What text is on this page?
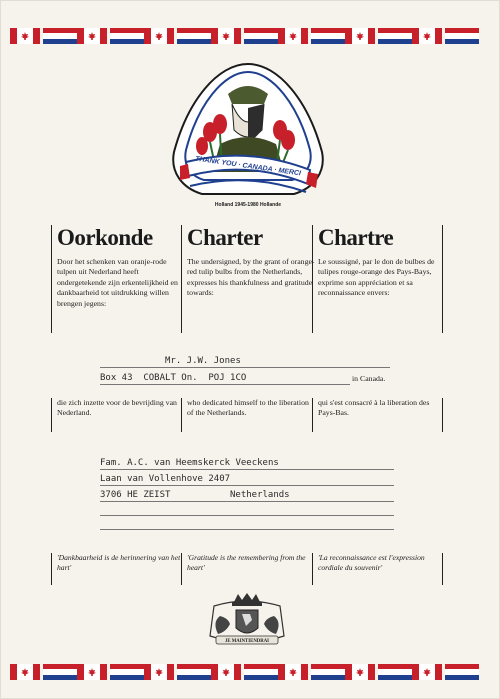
THANK YOU · CANADA · MERCI
Holland 1945-1980 Hollande
Oorkonde

Door het schenken van oranje-rode tulpen uit Nederland heeft ondergetekende zijn erkentelijkheid en dankbaarheid tot uitdrukking willen brengen jegens:

Charter

The undersigned, by the grant of orange-red tulip bulbs from the Netherlands, expresses his thankfulness and gratitude towards:

Chartre

Le soussigné, par le don de bulbes de tulipes rouge-orange des Pays-Bays, exprime son appréciation et sa reconnaissance envers:

Mr. J.W. Jones
Box 43  COBALT On.  POJ 1CO	in Canada.
die zich inzette voor de bevrijding van Nederland.
who dedicated himself to the liberation of the Netherlands.
qui s'est consacré à la liberation des Pays-Bas.
Fam. A.C. van Heemskerck Veeckens
Laan van Vollenhove 2407
3706 HE ZEIST	Netherlands
'Dankbaarheid is de herinnering van het hart'
'Gratitude is the remembering from the heart'
'La reconnaissance est l'expression cordiale du souvenir'
JE MAINTIENDRAI
